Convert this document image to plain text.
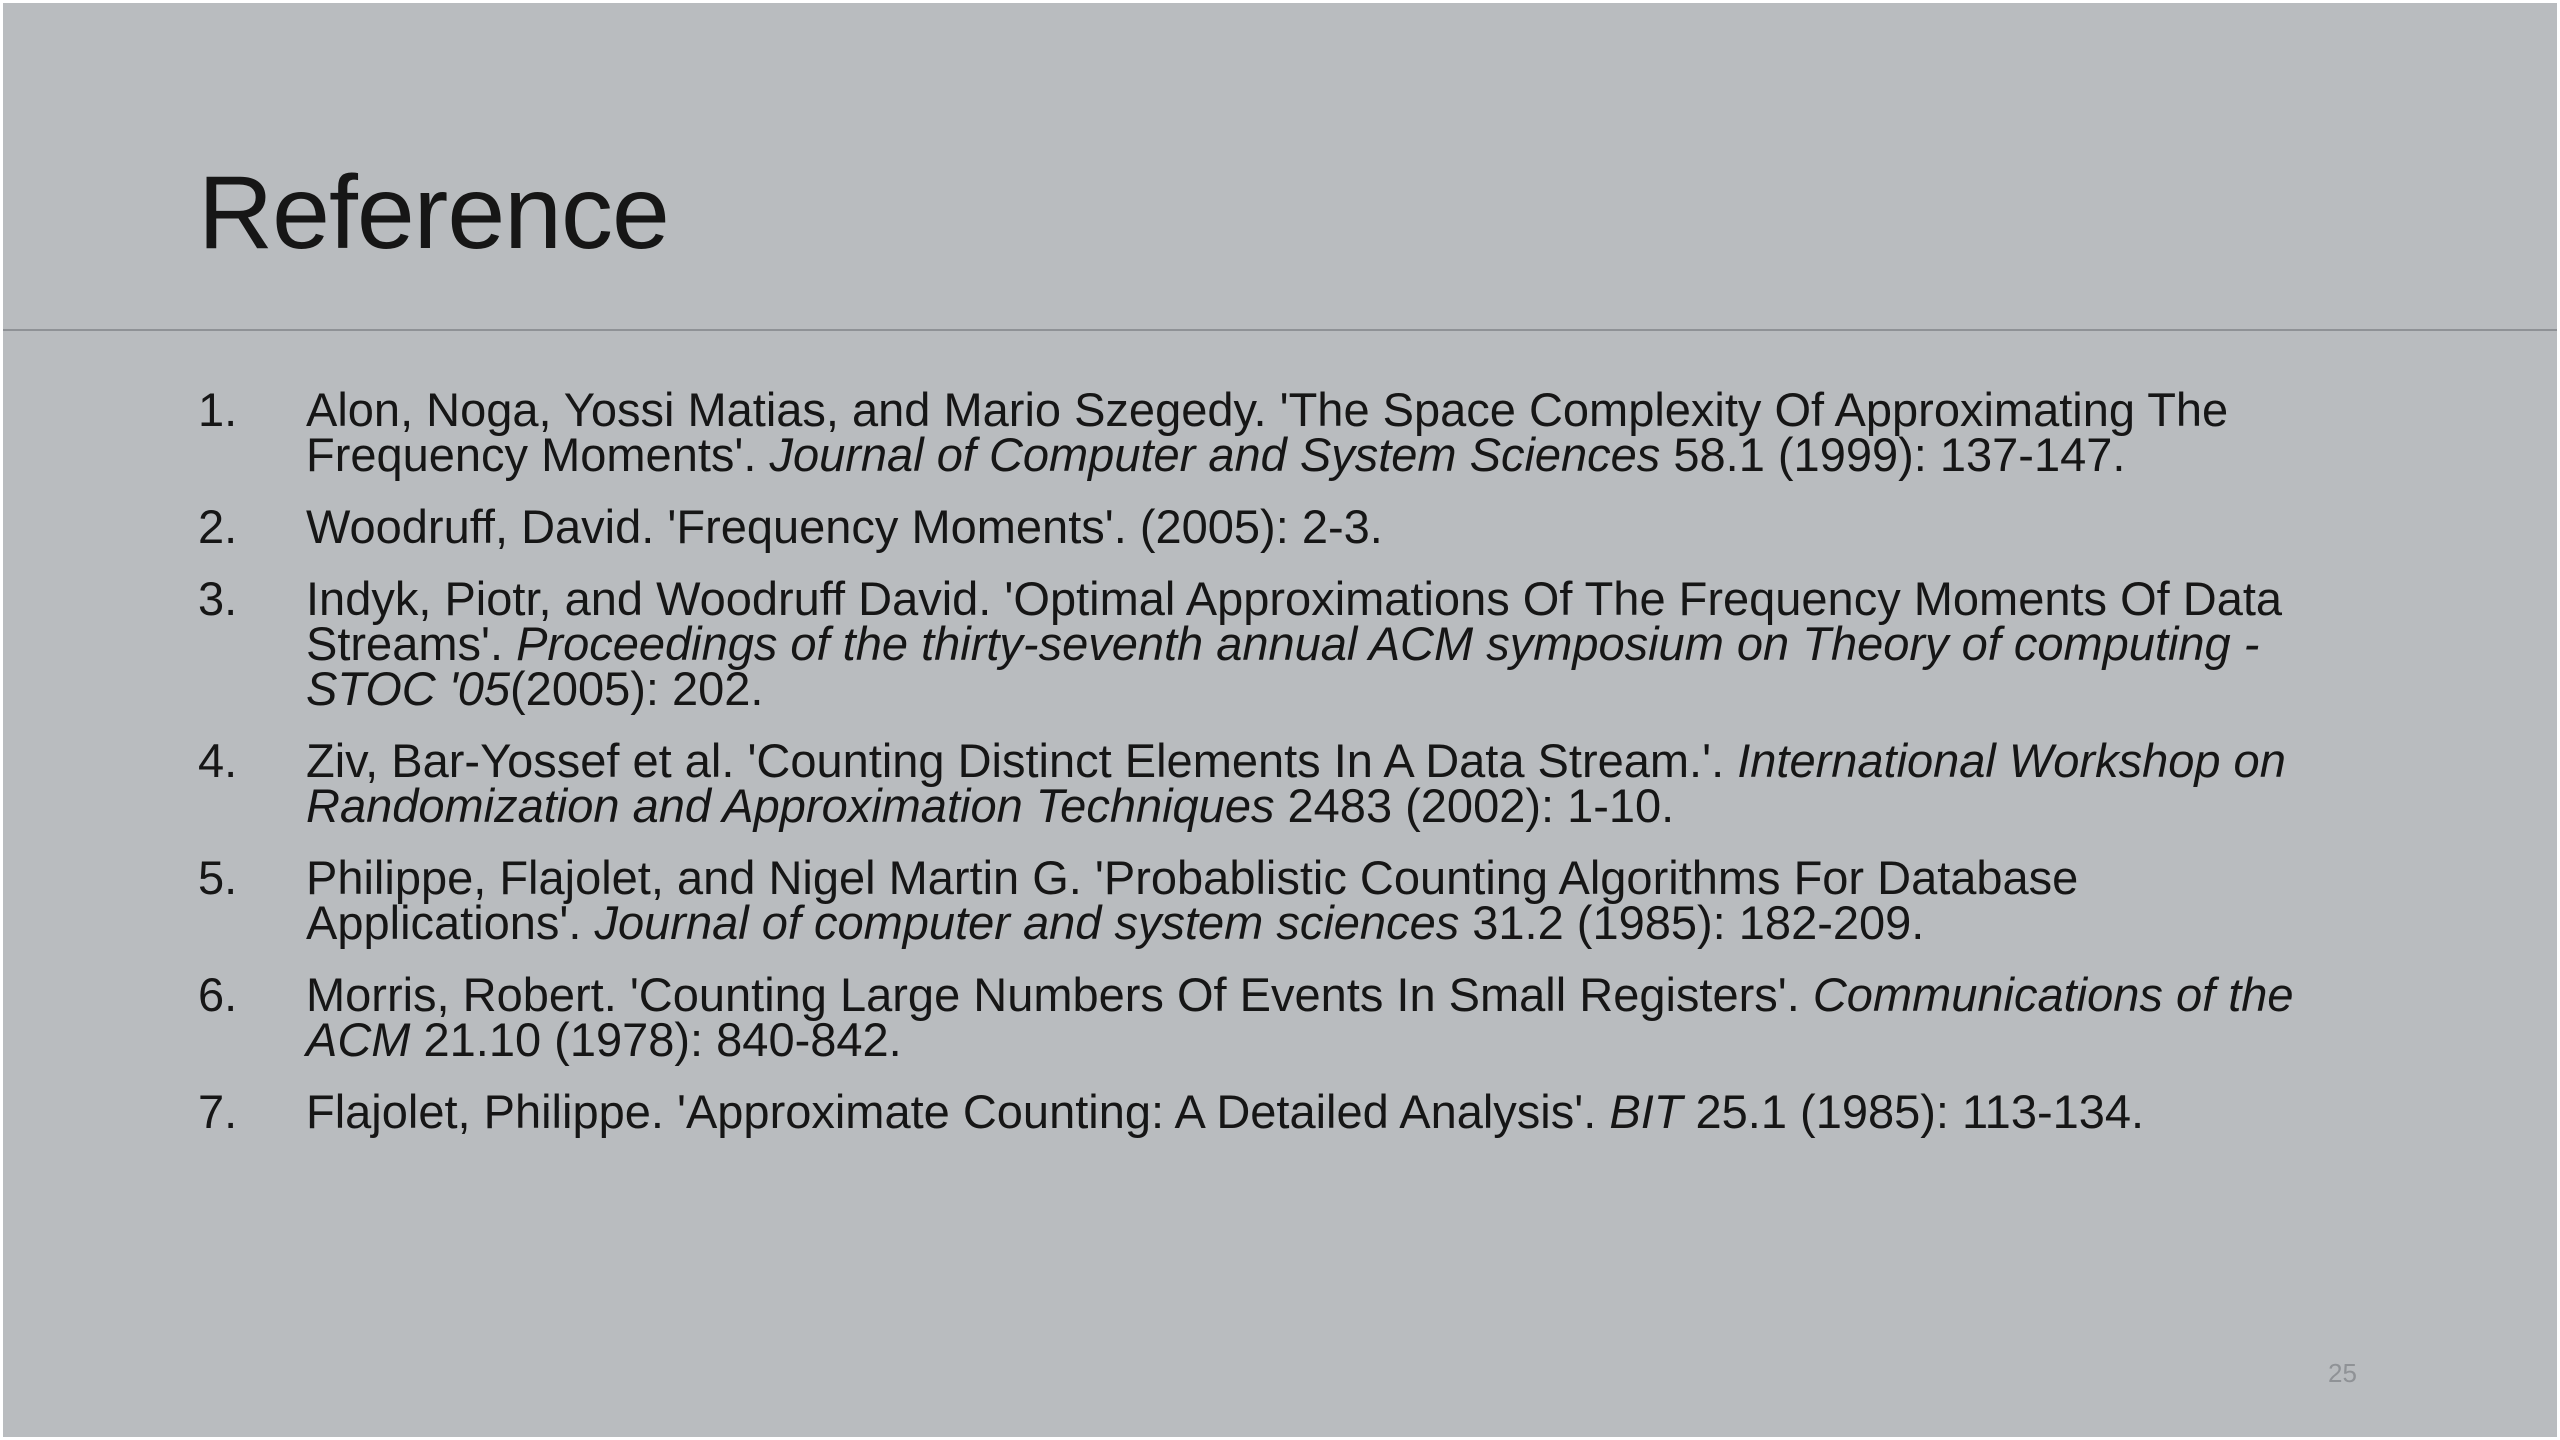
Reference
1. Alon, Noga, Yossi Matias, and Mario Szegedy. 'The Space Complexity Of Approximating The Frequency Moments'. Journal of Computer and System Sciences 58.1 (1999): 137-147.
2. Woodruff, David. 'Frequency Moments'. (2005): 2-3.
3. Indyk, Piotr, and Woodruff David. 'Optimal Approximations Of The Frequency Moments Of Data Streams'. Proceedings of the thirty-seventh annual ACM symposium on Theory of computing - STOC '05(2005): 202.
4. Ziv, Bar-Yossef et al. 'Counting Distinct Elements In A Data Stream.'. International Workshop on Randomization and Approximation Techniques 2483 (2002): 1-10.
5. Philippe, Flajolet, and Nigel Martin G. 'Probablistic Counting Algorithms For Database Applications'. Journal of computer and system sciences 31.2 (1985): 182-209.
6. Morris, Robert. 'Counting Large Numbers Of Events In Small Registers'. Communications of the ACM 21.10 (1978): 840-842.
7. Flajolet, Philippe. 'Approximate Counting: A Detailed Analysis'. BIT 25.1 (1985): 113-134.
25
